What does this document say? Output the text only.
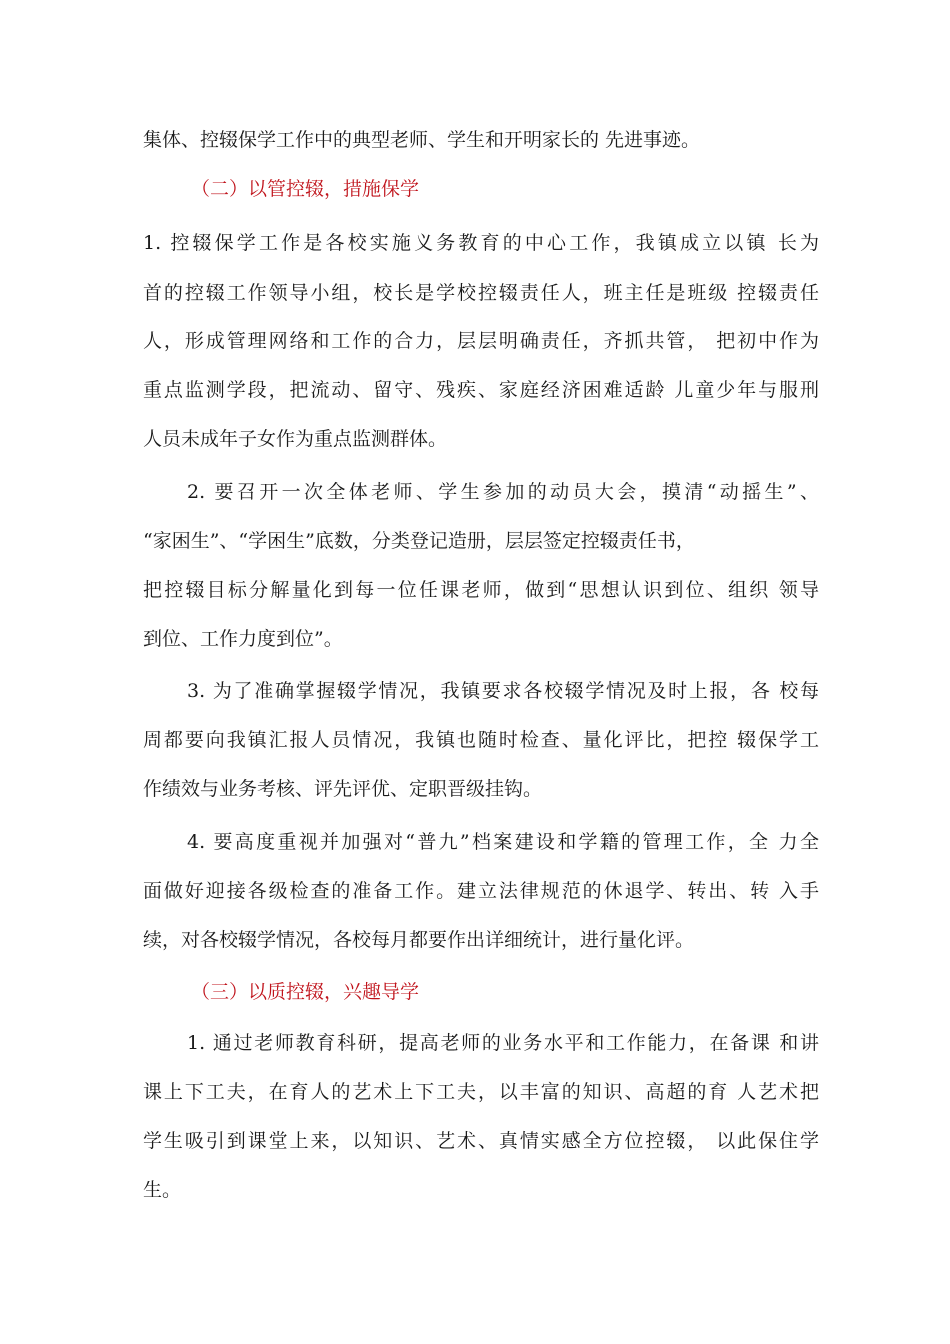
集体、控辍保学工作中的典型老师、学生和开明家长的 先进事迹。

（二）以管控辍，措施保学

1. 控辍保学工作是各校实施义务教育的中心工作，我镇成立以镇 长为

首的控辍工作领导小组，校长是学校控辍责任人，班主任是班级 控辍责任

人，形成管理网络和工作的合力，层层明确责任，齐抓共管， 把初中作为

重点监测学段，把流动、留守、残疾、家庭经济困难适龄 儿童少年与服刑

人员未成年子女作为重点监测群体。

2. 要召开一次全体老师、学生参加的动员大会，摸清“动摇生”、

“家困生”、“学困生”底数，分类登记造册，层层签定控辍责任书，

把控辍目标分解量化到每一位任课老师，做到“思想认识到位、组织 领导

到位、工作力度到位”。

3. 为了准确掌握辍学情况，我镇要求各校辍学情况及时上报，各 校每

周都要向我镇汇报人员情况，我镇也随时检查、量化评比，把控 辍保学工

作绩效与业务考核、评先评优、定职晋级挂钩。

4. 要高度重视并加强对“普九”档案建设和学籍的管理工作，全 力全

面做好迎接各级检查的准备工作。建立法律规范的休退学、转出、转 入手

续，对各校辍学情况，各校每月都要作出详细统计，进行量化评。

（三）以质控辍，兴趣导学

1. 通过老师教育科研，提高老师的业务水平和工作能力，在备课 和讲

课上下工夫，在育人的艺术上下工夫，以丰富的知识、高超的育 人艺术把

学生吸引到课堂上来，以知识、艺术、真情实感全方位控辍， 以此保住学

生。
